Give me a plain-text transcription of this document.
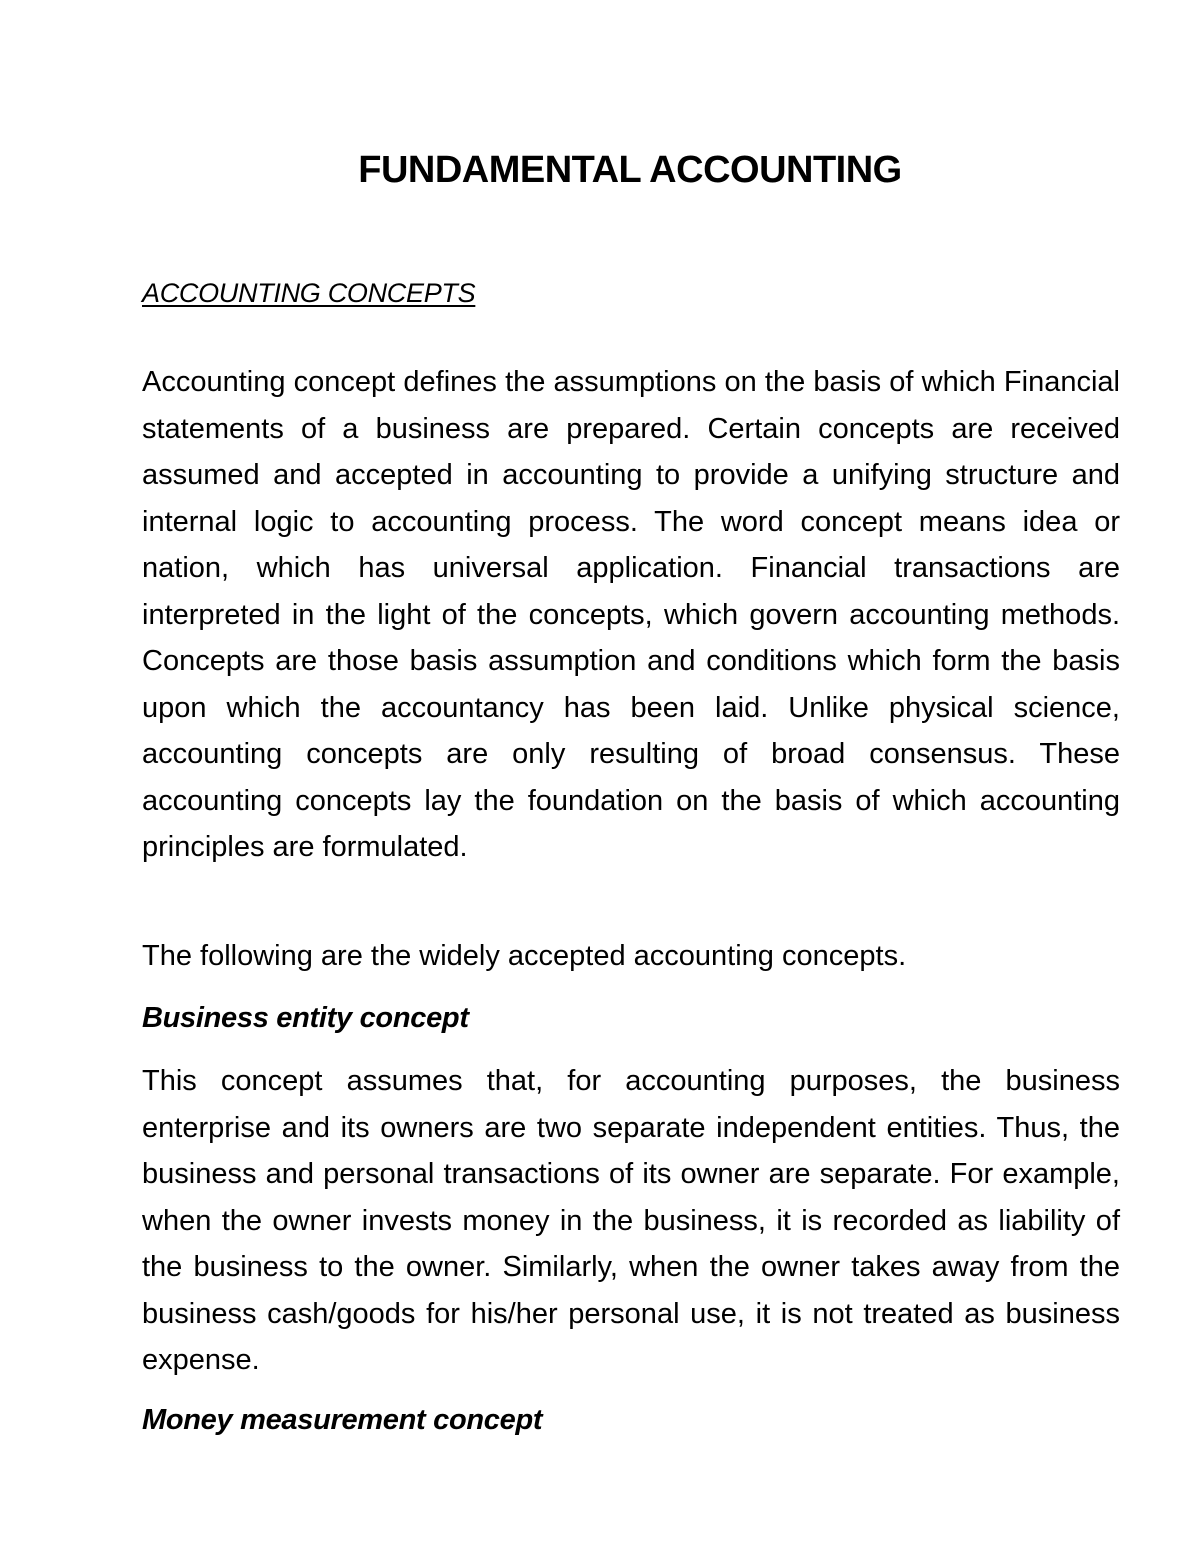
FUNDAMENTAL ACCOUNTING
ACCOUNTING CONCEPTS

Accounting concept defines the assumptions on the basis of which Financial statements of a business are prepared. Certain concepts are received assumed and accepted in accounting to provide a unifying structure and internal logic to accounting process. The word concept means idea or nation, which has universal application. Financial transactions are interpreted in the light of the concepts, which govern accounting methods. Concepts are those basis assumption and conditions which form the basis upon which the accountancy has been laid. Unlike physical science, accounting concepts are only resulting of broad consensus. These accounting concepts lay the foundation on the basis of which accounting principles are formulated.

The following are the widely accepted accounting concepts.

Business entity concept

This concept assumes that, for accounting purposes, the business enterprise and its owners are two separate independent entities. Thus, the business and personal transactions of its owner are separate. For example, when the owner invests money in the business, it is recorded as liability of the business to the owner. Similarly, when the owner takes away from the business cash/goods for his/her personal use, it is not treated as business expense.

Money measurement concept
